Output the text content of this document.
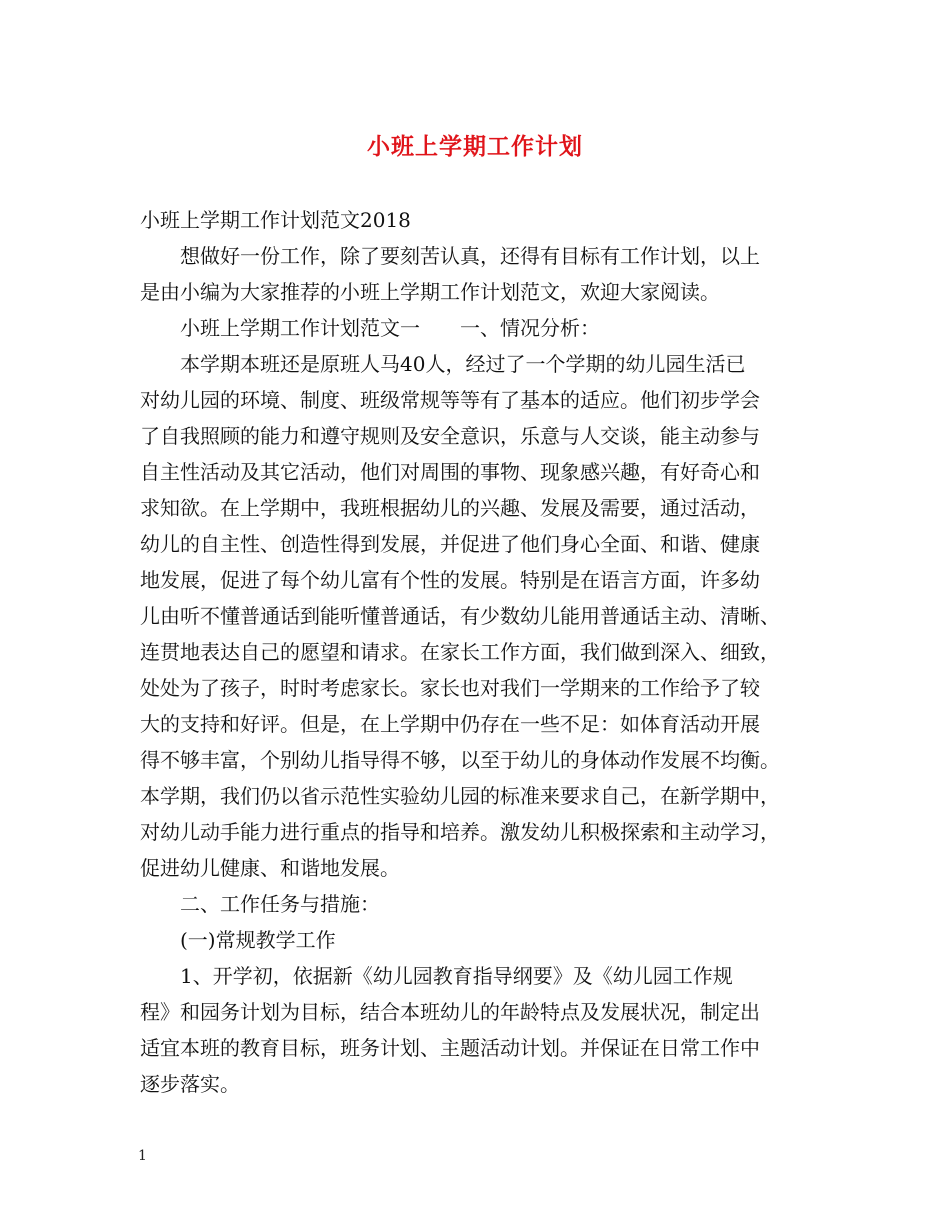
小班上学期工作计划
小班上学期工作计划范文2018
　　想做好一份工作，除了要刻苦认真，还得有目标有工作计划，以上
是由小编为大家推荐的小班上学期工作计划范文，欢迎大家阅读。
　　小班上学期工作计划范文一　　一、情况分析：
　　本学期本班还是原班人马40人，经过了一个学期的幼儿园生活已
对幼儿园的环境、制度、班级常规等等有了基本的适应。他们初步学会
了自我照顾的能力和遵守规则及安全意识，乐意与人交谈，能主动参与
自主性活动及其它活动，他们对周围的事物、现象感兴趣，有好奇心和
求知欲。在上学期中，我班根据幼儿的兴趣、发展及需要，通过活动，
幼儿的自主性、创造性得到发展，并促进了他们身心全面、和谐、健康
地发展，促进了每个幼儿富有个性的发展。特别是在语言方面，许多幼
儿由听不懂普通话到能听懂普通话，有少数幼儿能用普通话主动、清晰、
连贯地表达自己的愿望和请求。在家长工作方面，我们做到深入、细致，
处处为了孩子，时时考虑家长。家长也对我们一学期来的工作给予了较
大的支持和好评。但是，在上学期中仍存在一些不足：如体育活动开展
得不够丰富，个别幼儿指导得不够，以至于幼儿的身体动作发展不均衡。
本学期，我们仍以省示范性实验幼儿园的标准来要求自己，在新学期中，
对幼儿动手能力进行重点的指导和培养。激发幼儿积极探索和主动学习，
促进幼儿健康、和谐地发展。
　　二、工作任务与措施：
　　(一)常规教学工作
　　1、开学初，依据新《幼儿园教育指导纲要》及《幼儿园工作规
程》和园务计划为目标，结合本班幼儿的年龄特点及发展状况，制定出
适宜本班的教育目标，班务计划、主题活动计划。并保证在日常工作中
逐步落实。
1
